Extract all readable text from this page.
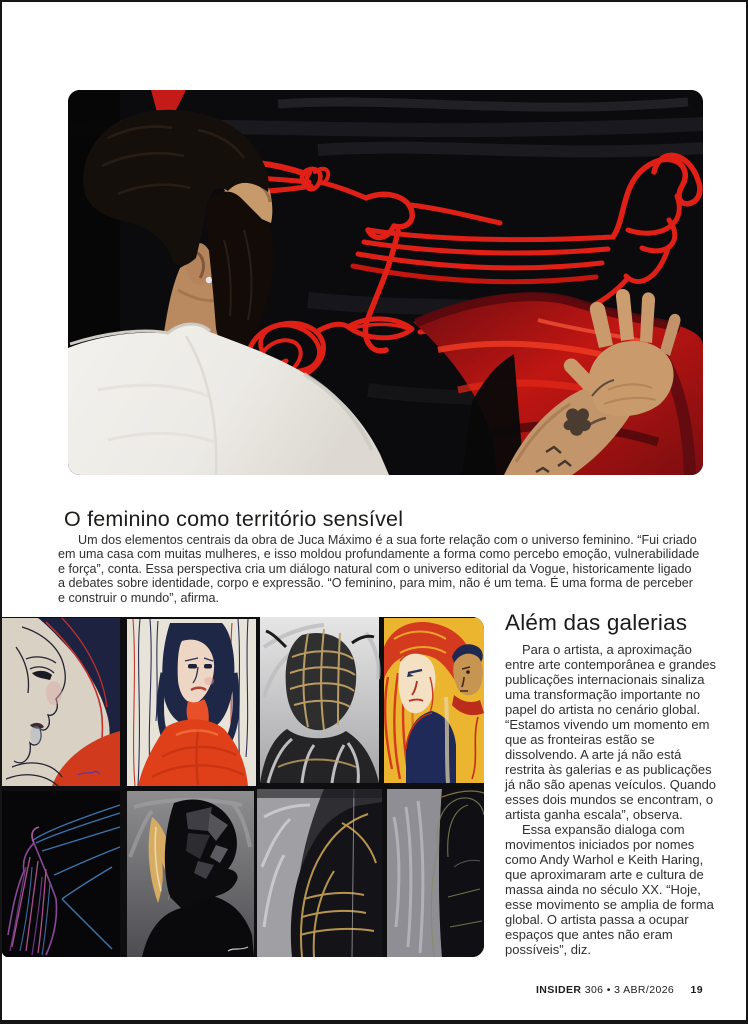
O feminino como território sensível

Um dos elementos centrais da obra de Juca Máximo é a sua forte relação com o universo feminino. “Fui criado em uma casa com muitas mulheres, e isso moldou profundamente a forma como percebo emoção, vulnerabilidade e força”, conta. Essa perspectiva cria um diálogo natural com o universo editorial da Vogue, historicamente ligado a debates sobre identidade, corpo e expressão. “O feminino, para mim, não é um tema. É uma forma de perceber e construir o mundo”, afirma.

Além das galerias

Para o artista, a aproximação entre arte contemporânea e grandes publicações internacionais sinaliza uma transformação importante no papel do artista no cenário global. “Estamos vivendo um momento em que as fronteiras estão se dissolvendo. A arte já não está restrita às galerias e as publicações já não são apenas veículos. Quando esses dois mundos se encontram, o artista ganha escala”, observa.

Essa expansão dialoga com movimentos iniciados por nomes como Andy Warhol e Keith Haring, que aproximaram arte e cultura de massa ainda no século XX. “Hoje, esse movimento se amplia de forma global. O artista passa a ocupar espaços que antes não eram possíveis”, diz.

INSIDER 306 • 3 ABR/2026 19
